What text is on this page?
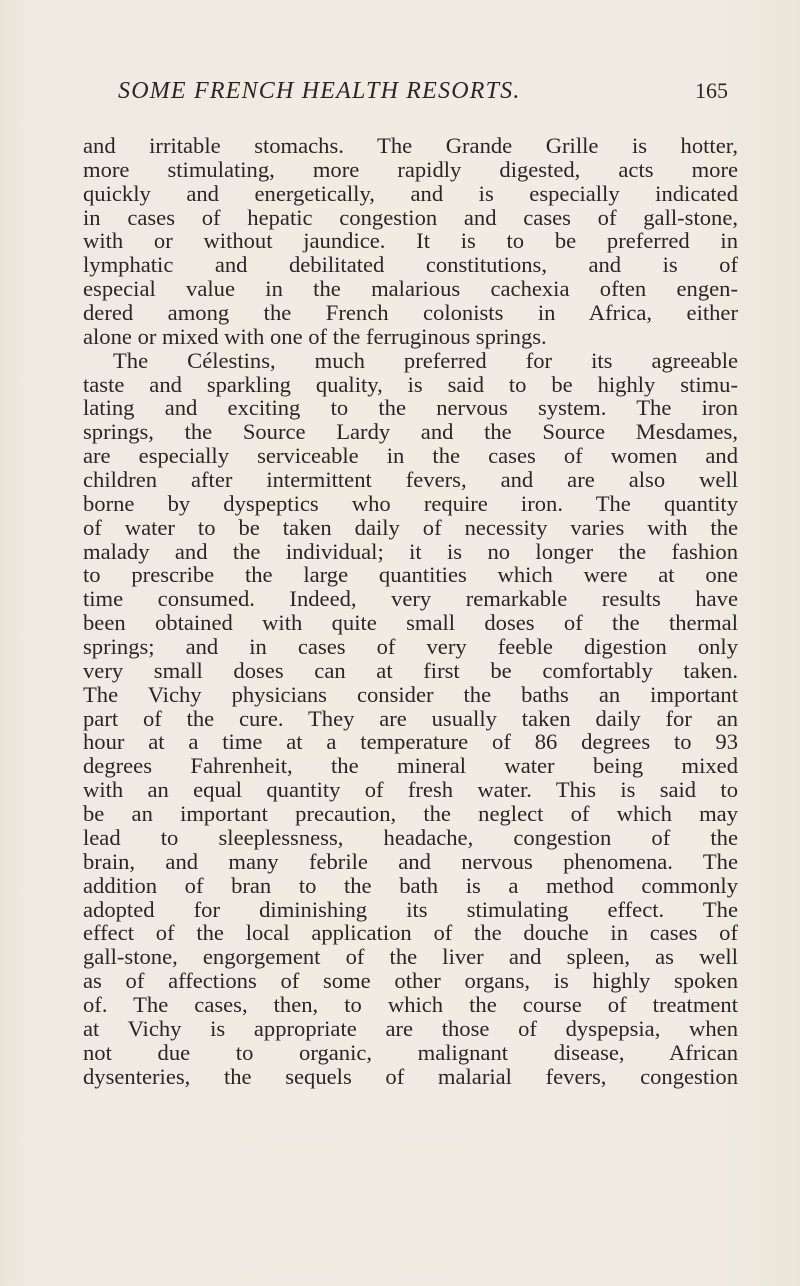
SOME FRENCH HEALTH RESORTS.	165
and irritable stomachs. The Grande Grille is hotter,
more stimulating, more rapidly digested, acts more
quickly and energetically, and is especially indicated
in cases of hepatic congestion and cases of gall-stone,
with or without jaundice. It is to be preferred in
lymphatic and debilitated constitutions, and is of
especial value in the malarious cachexia often engen-
dered among the French colonists in Africa, either
alone or mixed with one of the ferruginous springs.
The Célestins, much preferred for its agreeable
taste and sparkling quality, is said to be highly stimu-
lating and exciting to the nervous system. The iron
springs, the Source Lardy and the Source Mesdames,
are especially serviceable in the cases of women and
children after intermittent fevers, and are also well
borne by dyspeptics who require iron. The quantity
of water to be taken daily of necessity varies with the
malady and the individual; it is no longer the fashion
to prescribe the large quantities which were at one
time consumed. Indeed, very remarkable results have
been obtained with quite small doses of the thermal
springs; and in cases of very feeble digestion only
very small doses can at first be comfortably taken.
The Vichy physicians consider the baths an important
part of the cure. They are usually taken daily for an
hour at a time at a temperature of 86 degrees to 93
degrees Fahrenheit, the mineral water being mixed
with an equal quantity of fresh water. This is said to
be an important precaution, the neglect of which may
lead to sleeplessness, headache, congestion of the
brain, and many febrile and nervous phenomena. The
addition of bran to the bath is a method commonly
adopted for diminishing its stimulating effect. The
effect of the local application of the douche in cases of
gall-stone, engorgement of the liver and spleen, as well
as of affections of some other organs, is highly spoken
of. The cases, then, to which the course of treatment
at Vichy is appropriate are those of dyspepsia, when
not due to organic, malignant disease, African
dysenteries, the sequels of malarial fevers, congestion
